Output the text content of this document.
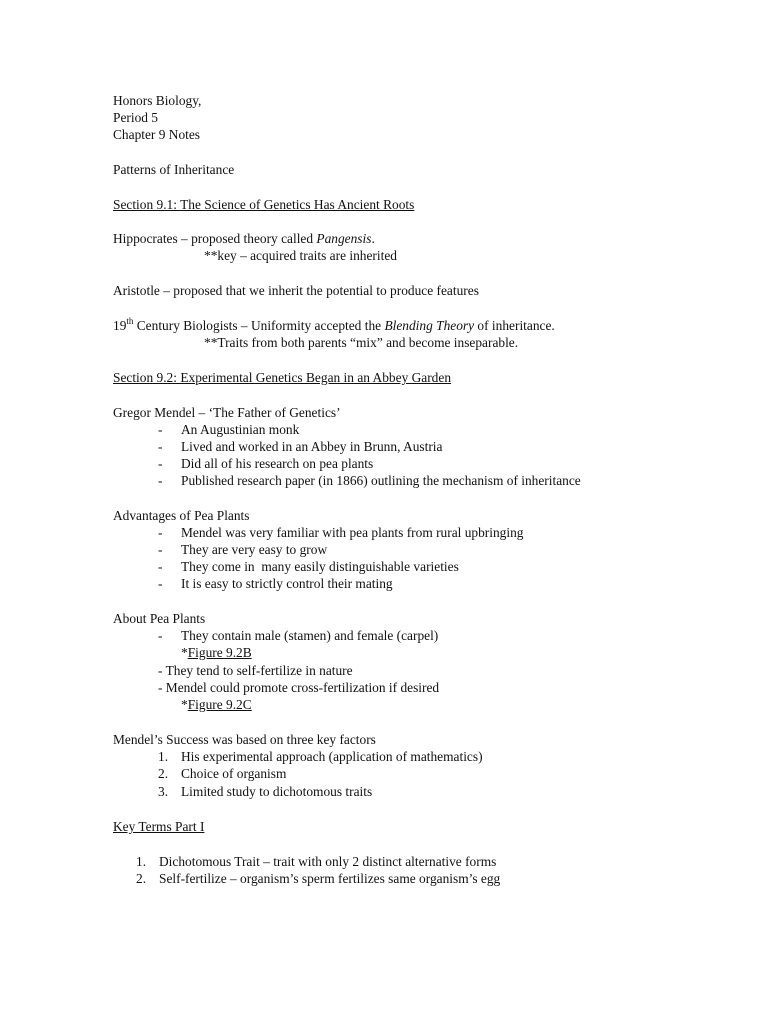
Honors Biology,
Period 5
Chapter 9 Notes
Patterns of Inheritance
Section 9.1: The Science of Genetics Has Ancient Roots
Hippocrates – proposed theory called Pangensis.
**key – acquired traits are inherited
Aristotle – proposed that we inherit the potential to produce features
19th Century Biologists – Uniformity accepted the Blending Theory of inheritance.
**Traits from both parents “mix” and become inseparable.
Section 9.2: Experimental Genetics Began in an Abbey Garden
Gregor Mendel – ‘The Father of Genetics’
- An Augustinian monk
- Lived and worked in an Abbey in Brunn, Austria
- Did all of his research on pea plants
- Published research paper (in 1866) outlining the mechanism of inheritance
Advantages of Pea Plants
- Mendel was very familiar with pea plants from rural upbringing
- They are very easy to grow
- They come in  many easily distinguishable varieties
- It is easy to strictly control their mating
About Pea Plants
- They contain male (stamen) and female (carpel)
*Figure 9.2B
- They tend to self-fertilize in nature
- Mendel could promote cross-fertilization if desired
*Figure 9.2C
Mendel’s Success was based on three key factors
1. His experimental approach (application of mathematics)
2. Choice of organism
3. Limited study to dichotomous traits
Key Terms Part I
1. Dichotomous Trait – trait with only 2 distinct alternative forms
2. Self-fertilize – organism’s sperm fertilizes same organism’s egg
